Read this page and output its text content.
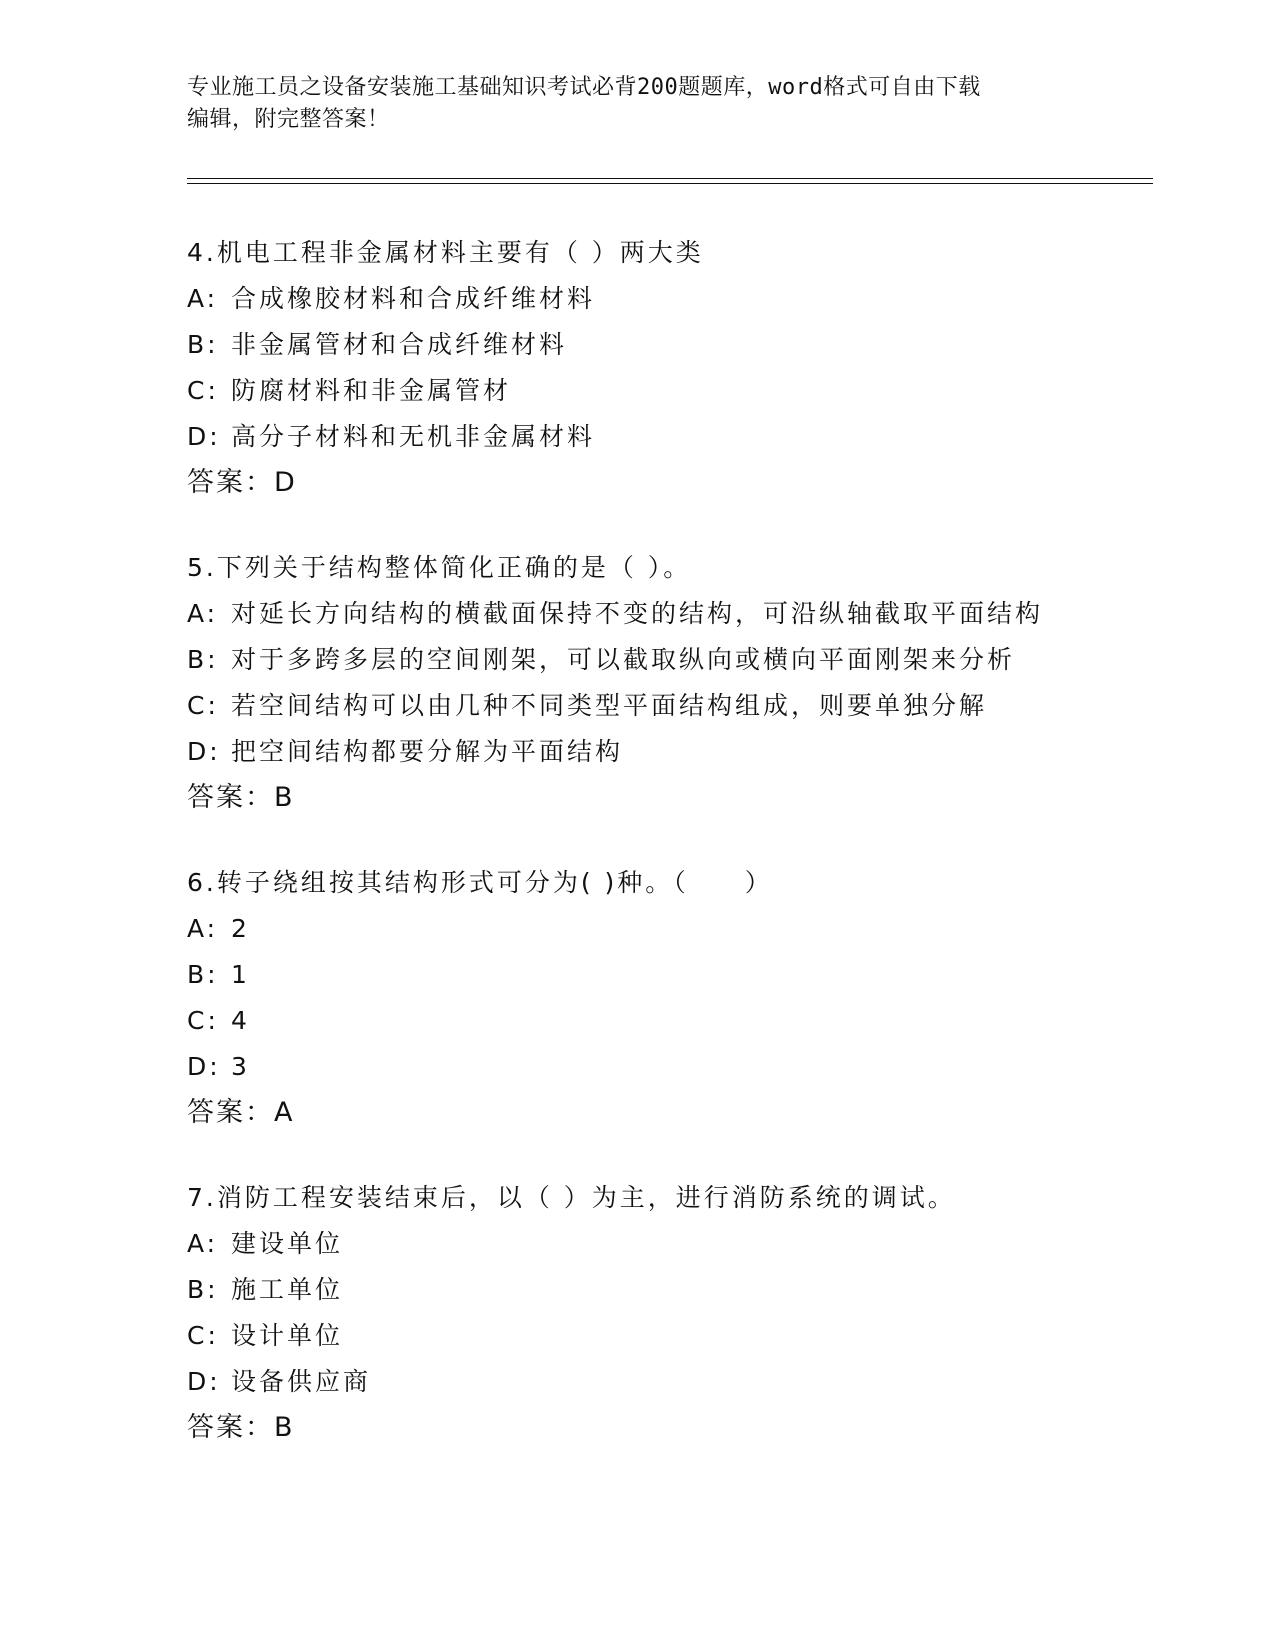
专业施工员之设备安装施工基础知识考试必背200题题库，word格式可自由下载
编辑，附完整答案！
4.机电工程非金属材料主要有（ ）两大类
A: 合成橡胶材料和合成纤维材料
B: 非金属管材和合成纤维材料
C: 防腐材料和非金属管材
D: 高分子材料和无机非金属材料
答案：D
5.下列关于结构整体简化正确的是（ ）。
A: 对延长方向结构的横截面保持不变的结构，可沿纵轴截取平面结构
B: 对于多跨多层的空间刚架，可以截取纵向或横向平面刚架来分析
C: 若空间结构可以由几种不同类型平面结构组成，则要单独分解
D: 把空间结构都要分解为平面结构
答案：B
6.转子绕组按其结构形式可分为( )种。（　　）
A: 2
B: 1
C: 4
D: 3
答案：A
7.消防工程安装结束后，以（ ）为主，进行消防系统的调试。
A: 建设单位
B: 施工单位
C: 设计单位
D: 设备供应商
答案：B
